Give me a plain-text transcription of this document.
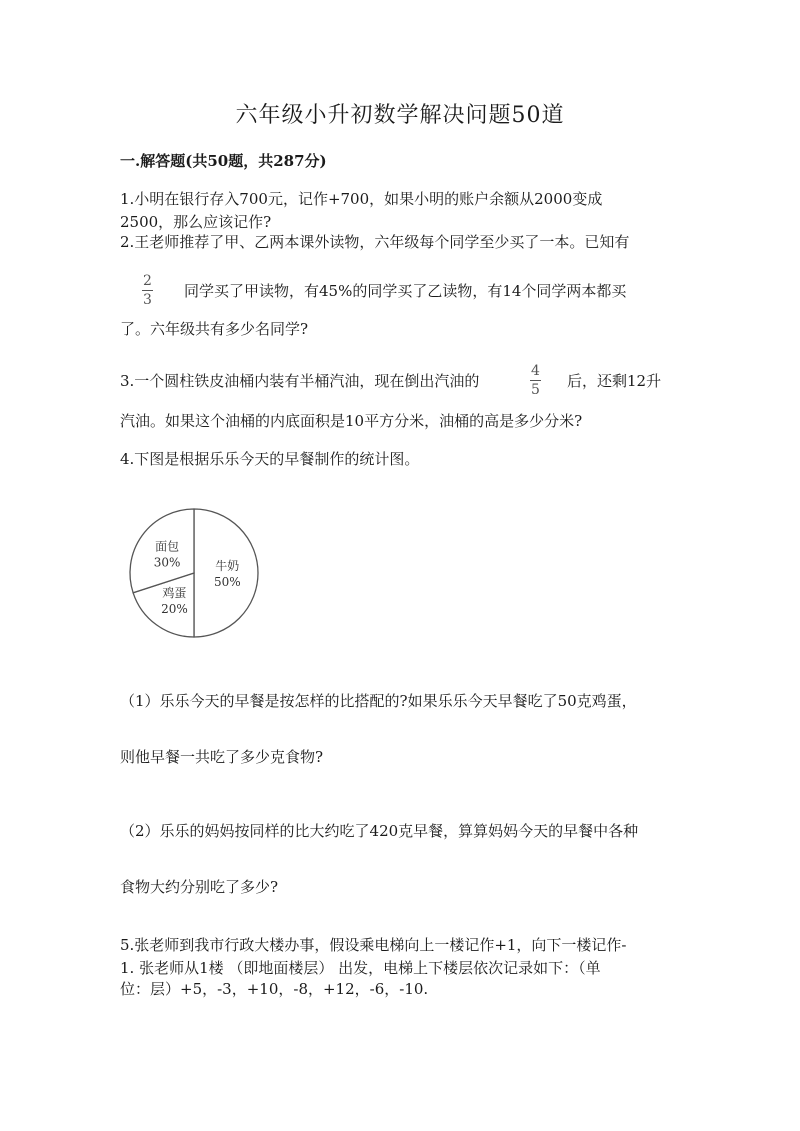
六年级小升初数学解决问题50道
一.解答题(共50题，共287分)
1.小明在银行存入700元，记作+700，如果小明的账户余额从2000变成
2500，那么应该记作?
2.王老师推荐了甲、乙两本课外读物，六年级每个同学至少买了一本。已知有
2
3 同学买了甲读物，有45%的同学买了乙读物，有14个同学两本都买
了。六年级共有多少名同学?
3.一个圆柱铁皮油桶内装有半桶汽油，现在倒出汽油的
4
5 后，还剩12升
汽油。如果这个油桶的内底面积是10平方分米，油桶的高是多少分米?
4.下图是根据乐乐今天的早餐制作的统计图。
牛奶
50%
鸡蛋
20%
面包
30%
（1）乐乐今天的早餐是按怎样的比搭配的?如果乐乐今天早餐吃了50克鸡蛋，
则他早餐一共吃了多少克食物?
（2）乐乐的妈妈按同样的比大约吃了420克早餐，算算妈妈今天的早餐中各种
食物大约分别吃了多少?
5.张老师到我市行政大楼办事，假设乘电梯向上一楼记作+1，向下一楼记作-
1. 张老师从1楼 （即地面楼层） 出发，电梯上下楼层依次记录如下：（单
位：层）+5，-3，+10，-8，+12，-6，-10.
